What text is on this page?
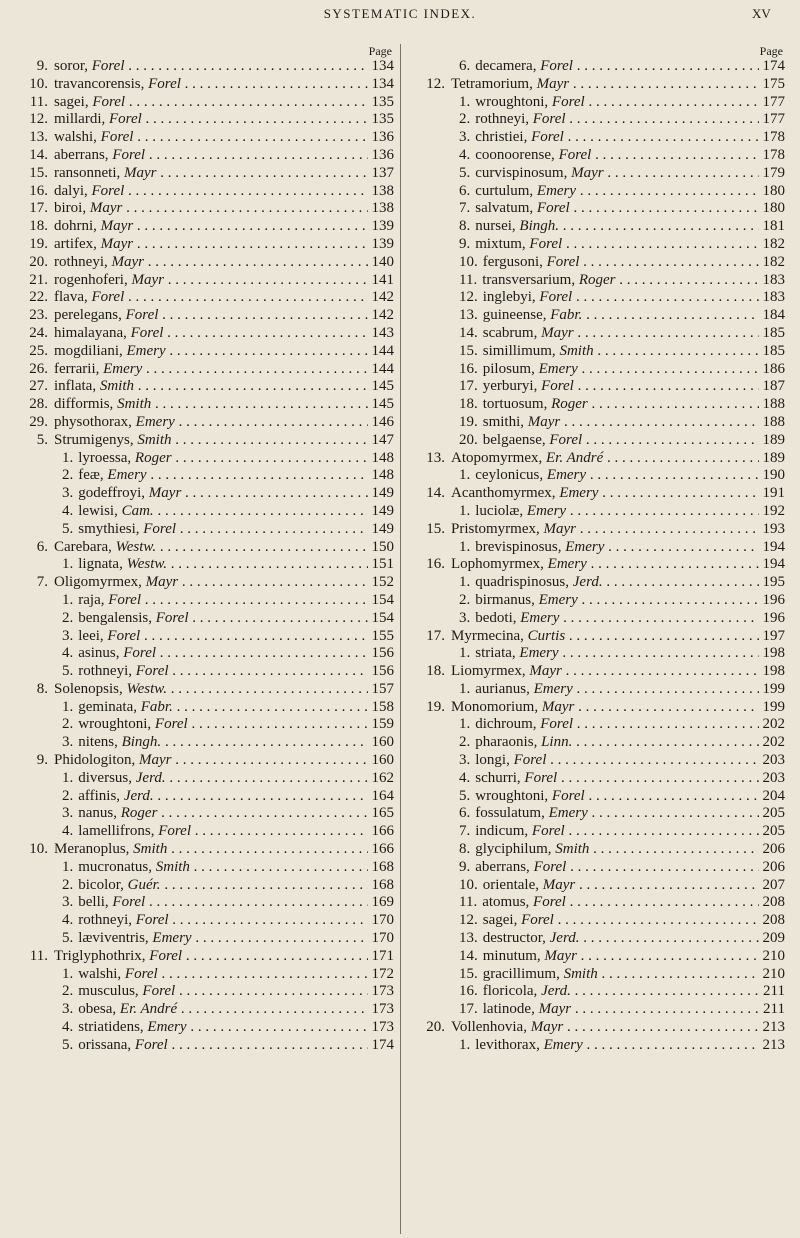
SYSTEMATIC INDEX.	XV
Page
9. soror, Forel . . .	134
10. travancorensis, Forel . . .	134
11. sagei, Forel . . .	135
12. millardi, Forel . . .	135
13. walshi, Forel . . .	136
14. aberrans, Forel . . .	136
15. ransonneti, Mayr . . .	137
16. dalyi, Forel . . .	138
17. biroi, Mayr . . .	138
18. dohrni, Mayr . . .	139
19. artifex, Mayr . . .	139
20. rothneyi, Mayr . . .	140
21. rogenhoferi, Mayr . . .	141
22. flava, Forel . . .	142
23. perelegans, Forel . . .	142
24. himalayana, Forel . . .	143
25. mogdiliani, Emery . . .	144
26. ferrarii, Emery . . .	144
27. inflata, Smith . . .	145
28. difformis, Smith . . .	145
29. physothorax, Emery . . .	146
5. Strumigenys, Smith . . .	147
1. lyroessa, Roger . . .	148
2. feæ, Emery . . .	148
3. godeffroyi, Mayr . . .	149
4. lewisi, Cam. . . .	149
5. smythiesi, Forel . . .	149
6. Carebara, Westw. . . .	150
1. lignata, Westw. . . .	151
7. Oligomyrmex, Mayr . . .	152
1. raja, Forel . . .	154
2. bengalensis, Forel . . .	154
3. leei, Forel . . .	155
4. asinus, Forel . . .	156
5. rothneyi, Forel . . .	156
8. Solenopsis, Westw. . . .	157
1. geminata, Fabr. . . .	158
2. wroughtoni, Forel . . .	159
3. nitens, Bingh. . . .	160
9. Phidologiton, Mayr . . .	160
1. diversus, Jerd. . . .	162
2. affinis, Jerd. . . .	164
3. nanus, Roger . . .	165
4. lamellifrons, Forel . . .	166
10. Meranoplus, Smith . . .	166
1. mucronatus, Smith . . .	168
2. bicolor, Guér. . . .	168
3. belli, Forel . . .	169
4. rothneyi, Forel . . .	170
5. læviventris, Emery . . .	170
11. Triglyphothrix, Forel . . .	171
1. walshi, Forel . . .	172
2. musculus, Forel . . .	173
3. obesa, Er. André . . .	173
4. striatidens, Emery . . .	173
5. orissana, Forel . . .	174
Page
6. decamera, Forel . . .	174
12. Tetramorium, Mayr . . .	175
1. wroughtoni, Forel . . .	177
2. rothneyi, Forel . . .	177
3. christiei, Forel . . .	178
4. coonoorense, Forel . . .	178
5. curvispinosum, Mayr . . .	179
6. curtulum, Emery . . .	180
7. salvatum, Forel . . .	180
8. nursei, Bingh. . . .	181
9. mixtum, Forel . . .	182
10. fergusoni, Forel . . .	182
11. transversarium, Roger . . .	183
12. inglebyi, Forel . . .	183
13. guineense, Fabr. . . .	184
14. scabrum, Mayr . . .	185
15. simillimum, Smith . . .	185
16. pilosum, Emery . . .	186
17. yerburyi, Forel . . .	187
18. tortuosum, Roger . . .	188
19. smithi, Mayr . . .	188
20. belgaense, Forel . . .	189
13. Atopomyrmex, Er. André . . .	189
1. ceylonicus, Emery . . .	190
14. Acanthomyrmex, Emery . . .	191
1. luciolæ, Emery . . .	192
15. Pristomyrmex, Mayr . . .	193
1. brevispinosus, Emery . . .	194
16. Lophomyrmex, Emery . . .	194
1. quadrispinosus, Jerd. . . .	195
2. birmanus, Emery . . .	196
3. bedoti, Emery . . .	196
17. Myrmecina, Curtis . . .	197
1. striata, Emery . . .	198
18. Liomyrmex, Mayr . . .	198
1. aurianus, Emery . . .	199
19. Monomorium, Mayr . . .	199
1. dichroum, Forel . . .	202
2. pharaonis, Linn. . . .	202
3. longi, Forel . . .	203
4. schurri, Forel . . .	203
5. wroughtoni, Forel . . .	204
6. fossulatum, Emery . . .	205
7. indicum, Forel . . .	205
8. glyciphilum, Smith . . .	206
9. aberrans, Forel . . .	206
10. orientale, Mayr . . .	207
11. atomus, Forel . . .	208
12. sagei, Forel . . .	208
13. destructor, Jerd. . . .	209
14. minutum, Mayr . . .	210
15. gracillimum, Smith . . .	210
16. floricola, Jerd. . . .	211
17. latinode, Mayr . . .	211
20. Vollenhovia, Mayr . . .	213
1. levithorax, Emery . . .	213
